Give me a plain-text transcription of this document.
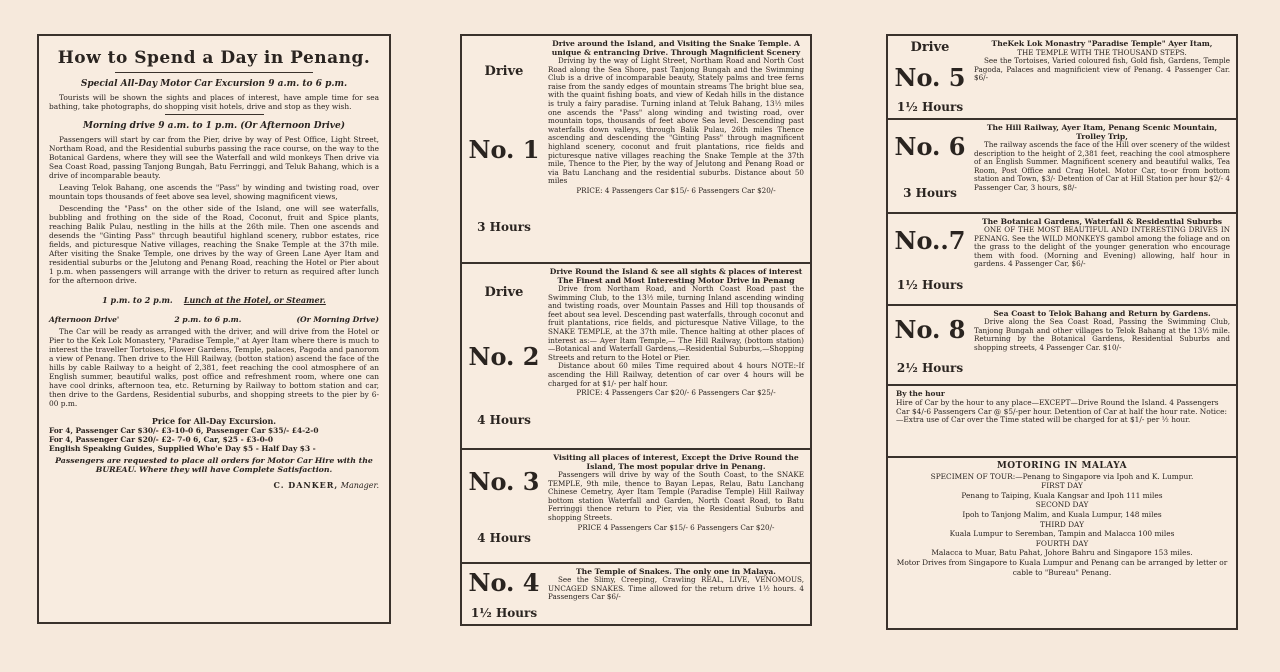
How to Spend a Day in Penang.
Special All-Day Motor Car Excursion 9 a.m. to 6 p.m.

Tourists will be shown the sights and places of interest, have ample time for sea bathing, take photographs, do shopping visit hotels, drive and stop as they wish.

Morning drive 9 a.m. to 1 p.m. (Or Afternoon Drive)

Passengers will start by car from the Pier, drive by way of Pest Office, Light Street, Northam Road, and the Residential suburbs passing the race course, on the way to the Botanical Gardens, where they will see the Waterfall and wild monkeys Then drive via Sea Coast Road, passing Tanjong Bungah, Batu Ferringgi, and Teluk Bahang, which is a drive of incomparable beauty.

Leaving Telok Bahang, one ascends the "Pass" by winding and twisting road, over mountain tops thousands of feet above sea level, showing magnificent views,

Descending the "Pass" on the other side of the Island, one will see waterfalls, bubbling and frothing on the side of the Road, Coconut, fruit and Spice plants, reaching Balik Pulau, nestling in the hills at the 26th mile. Then one ascends and desends the "Ginting Pass" thrcugh beautiful highland scenery, rubbor estates, rice fields, and picturesque Native villages, reaching the Snake Temple at the 37th mile. After visiting the Snake Temple, one drives by the way of Green Lane Ayer Itam and residential suburbs or the Jelutong and Penang Road, reaching the Hotel or Pier about 1 p.m. when passengers will arrange with the driver to return as required after lunch for the afternoon drive.

1 p.m. to 2 p.m. Lunch at the Hotel, or Steamer.
Afternoon Drive'	2 p.m. to 6 p.m.	(Or Morning Drive)

The Car will be ready as arranged with the driver, and will drive from the Hotel or Pier to the Kek Lok Monastery, "Paradise Temple," at Ayer Itam where there is much to interest the traveller Tortoises, Flower Gardens, Temple, palaces, Pagoda and panorom a view of Penang. Then drive to the Hill Railway, (botton station) ascend the face of the hills by cable Railway to a height of 2,381, feet reaching the cool atmosphere of an English summer, beautiful walks, post office and refreshment room, where one can have cool drinks, afternoon tea, etc. Returning by Railway to bottom station and car, then drive to the Gardens, Residential suburbs, and shopping streets to the pier by 6-00 p.m.

Price for All-Day Excursion.
For 4, Passenger Car $30/- £3-10-0 6, Passenger Car $35/- £4-2-0
For 4, Passenger Car $20/- £2- 7-0 6, Car, $25 - £3-0-0
English Speaking Guides, Supplied Who'e Day $5 - Half Day $3 -
Passengers are requested to place all orders for Motor Car Hire with the BUREAU. Where they will have Complete Satisfaction.
C. DANKER, Manager.
Drive
No. 1
3 Hours
Drive around the Island, and Visiting the Snake Temple. A unique & entrancing Drive. Through Magnificient Scenery

Driving by the way of Light Street, Northam Road and North Cost Road along the Sea Shore, past Tanjong Bungah and the Swimming Club is a drive of incomparable beauty, Stately palms and tree ferns raise from the sandy edges of mountain streams The bright blue sea, with the quaint fishing boats, and view of Kedah hills in the distance is truly a fairy paradise. Turning inland at Teluk Bahang, 13½ miles one ascends the "Pass" along winding and twisting road, over mountain tops, thousands of feet above Sea level. Descending past waterfalls down valleys, through Balik Pulau, 26th miles Thence ascending and descending the "Ginting Pass" through magnificent highland scenery, coconut and fruit plantations, rice fields and picturesque native villages reaching the Snake Temple at the 37th mile, Thence to the Pier, by the way of Jelutong and Penang Road or via Batu Lanchang and the residential suburbs. Distance about 50 miles

PRICE: 4 Passengers Car $15/- 6 Passengers Car $20/-
Drive
No. 2
4 Hours
Drive Round the Island & see all sights & places of interest The Finest and Most Interesting Motor Drive in Penang

Drive from Northam Road, and North Coast Road past the Swimming Club, to the 13½ mile, turning Inland ascending winding and twisting roads, over Mountain Passes and Hill top thousands of feet about sea level. Descending past waterfalls, through coconut and fruit plantations, rice fields, and picturesque Native Village, to the SNAKE TEMPLE, at the 37th mile. Thence halting at other places of interest as:— Ayer Itam Temple,— The Hill Railway, (bottom station)—Botanical and Waterfall Gardens,—Residential Suburbs,—Shopping Streets and return to the Hotel or Pier.

Distance about 60 miles Time required about 4 hours NOTE:-If ascending the Hill Railway, detention of car over 4 hours will be charged for at $1/- per half hour.

PRICE: 4 Passengers Car $20/- 6 Passengers Car $25/-
No. 3
4 Hours
Visiting all places of interest, Except the Drive Round the Island, The most popular drive in Penang.

Passengers will drive by way of the South Coast, to the SNAKE TEMPLE, 9th mile, thence to Bayan Lepas, Relau, Batu Lanchang Chinese Cemetry, Ayer Itam Temple (Paradise Temple) Hill Railway bottom station Waterfall and Garden, North Coast Road, to Batu Ferringgi thence return to Pier, via the Residential Suburbs and shopping Streets.

PRICE 4 Passengers Car $15/- 6 Passengers Car $20/-
No. 4
1½ Hours
The Temple of Snakes. The only one in Malaya.

See the Slimy, Creeping, Crawling REAL, LIVE, VENOMOUS, UNCAGED SNAKES. Time allowed for the return drive 1½ hours. 4 Passengers Car $6/-

Drive
No. 5
1½ Hours
TheKek Lok Monastry "Paradise Temple" Ayer Itam,
THE TEMPLE WITH THE THOUSAND STEPS.

See the Tortoises, Varied coloured fish, Gold fish, Gardens, Temple Pagoda, Palaces and magnificient view of Penang. 4 Passenger Car. $6/-

No. 6
3 Hours
The Hill Railway, Ayer Itam, Penang Scenic Mountain, Trolley Trip,

The railway ascends the face of the Hill over scenery of the wildest description to the height of 2,381 feet, reaching the cool atmosphere of an English Summer. Magnificent scenery and beautiful walks, Tea Room, Post Office and Crag Hotel. Motor Car, to-or from bottom station and Town, $3/- Detention of Car at Hill Station per hour $2/- 4 Passenger Car, 3 hours, $8/-

No..7
1½ Hours
The Botanical Gardens, Waterfall & Residential Suburbs

ONE OF THE MOST BEAUTIFUL AND INTERESTING DRIVES IN PENANG. See the WILD MONKEYS gambol among the foliage and on the grass to the delight of the younger generation who encourage them with food. (Morning and Evening) allowing, half hour in gardens. 4 Passenger Car, $6/-

No. 8
2½ Hours
Sea Coast to Telok Bahang and Return by Gardens.

Drive along the Sea Coast Road, Passing the Swimming Club, Tanjong Bungah and other villages to Telok Bahang at the 13½ mile. Returning by the Botanical Gardens, Residential Suburbs and shopping streets, 4 Passenger Car. $10/-

By the hour
Hire of Car by the hour to any place—EXCEPT—Drive Round the Island. 4 Passengers Car $4/-6 Passengers Car @ $5/-per hour. Detention of Car at half the hour rate. Notice:—Extra use of Car over the Time stated will be charged for at $1/- per ½ hour.
MOTORING IN MALAYA
SPECIMEN OF TOUR:—Penang to Singapore via Ipoh and K. Lumpur.
FIRST DAY
Penang to Taiping, Kuala Kangsar and Ipoh 111 miles
SECOND DAY
Ipoh to Tanjong Malim, and Kuala Lumpur, 148 miles
THIRD DAY
Kuala Lumpur to Seremban, Tampin and Malacca 100 miles
FOURTH DAY
Malacca to Muar, Batu Pahat, Johore Bahru and Singapore 153 miles.
Motor Drives from Singapore to Kuala Lumpur and Penang can be arranged by letter or cable to "Bureau" Penang.
